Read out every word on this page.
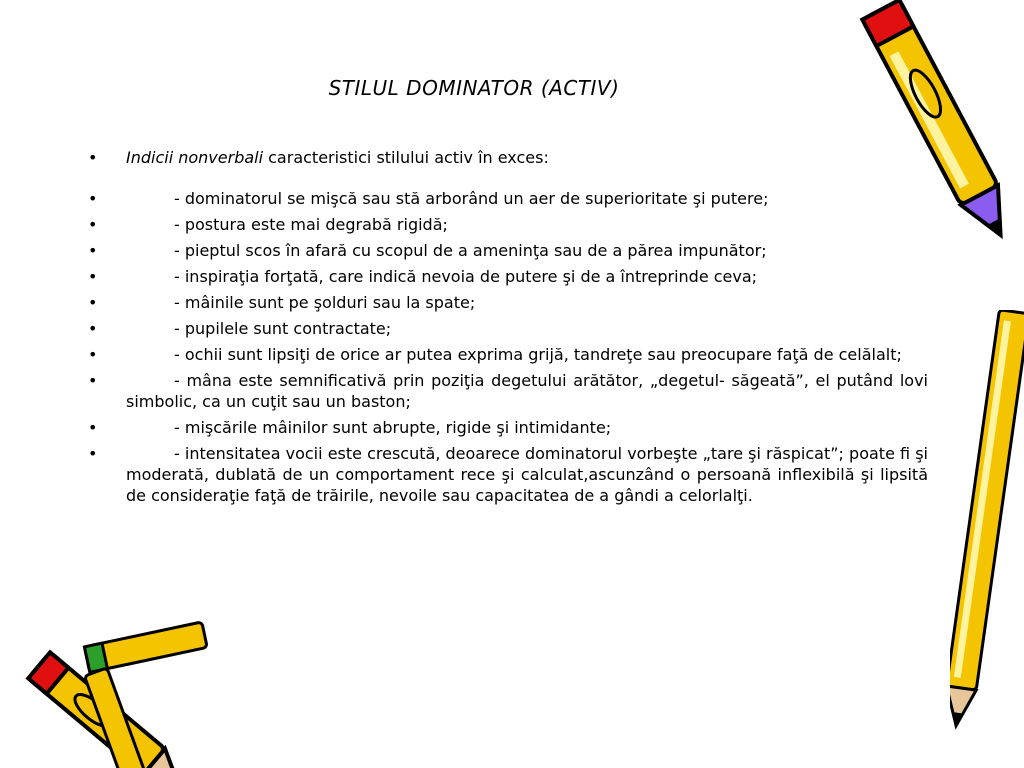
STILUL DOMINATOR (ACTIV)
•	Indicii nonverbali caracteristici stilului activ în exces:
•	- dominatorul se mişcă sau stă arborând un aer de superioritate şi putere;
•	- postura este mai degrabă rigidă;
•	- pieptul scos în afară cu scopul de a ameninţa sau de a părea impunător;
•	- inspiraţia forţată, care indică nevoia de putere şi de a întreprinde ceva;
•	- mâinile sunt pe şolduri sau la spate;
•	- pupilele sunt contractate;
•	- ochii sunt lipsiţi de orice ar putea exprima grijă, tandreţe sau preocupare faţă de celălalt;
•	- mâna este semnificativă prin poziţia degetului arătător, „degetul- săgeată”, el putând lovi simbolic, ca un cuţit sau un baston;
•	- mişcările mâinilor sunt abrupte, rigide şi intimidante;
•	- intensitatea vocii este crescută, deoarece dominatorul vorbeşte „tare şi răspicat”; poate fi şi moderată, dublată de un comportament rece şi calculat,ascunzând o persoană inflexibilă şi lipsită de consideraţie faţă de trăirile, nevoile sau capacitatea de a gândi a celorlalţi.
